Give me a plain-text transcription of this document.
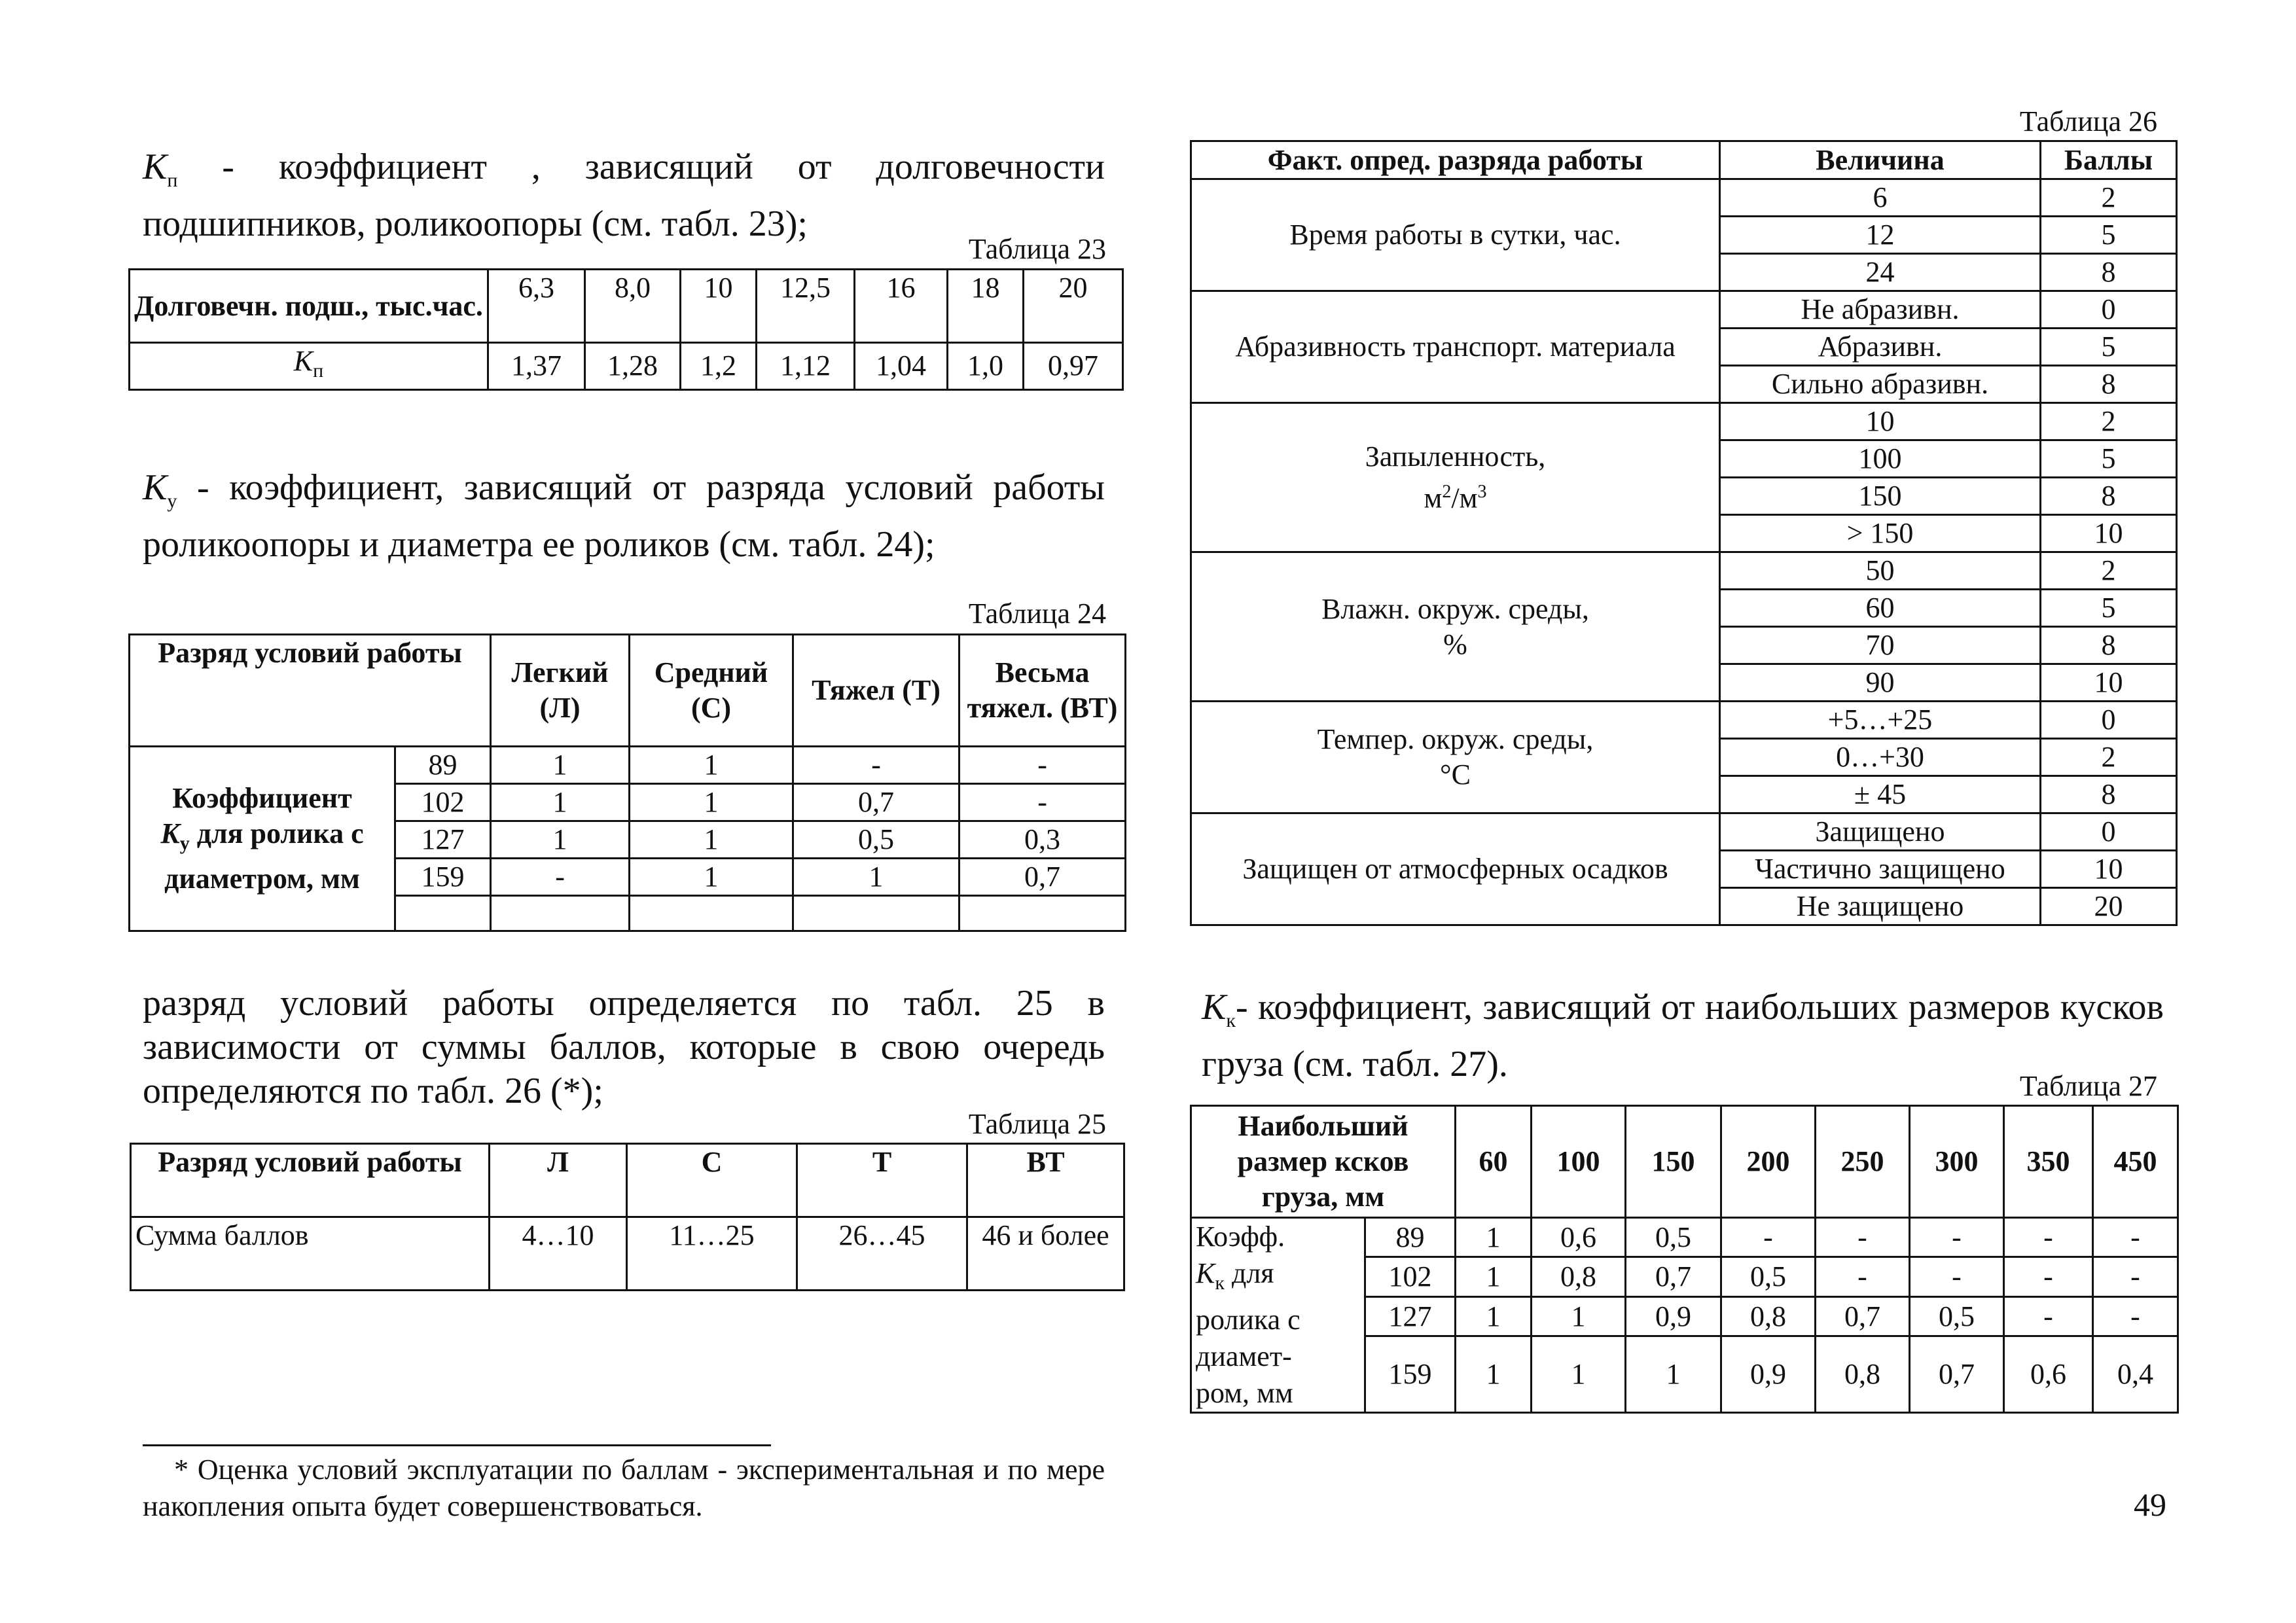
$K_п$ - коэффициент , зависящий от долговечности подшипников, роликоопоры (см. табл. 23);
Таблица 23
Долговечн. подш., тыс.час.	6,3	8,0	10	12,5	16	18	20
$K_п$	1,37	1,28	1,2	1,12	1,04	1,0	0,97
$K_у$ - коэффициент, зависящий от разряда условий работы роликоопоры и диаметра ее роликов (см. табл. 24);
Таблица 24
Разряд условий работы		Легкий (Л)	Средний (С)	Тяжел (Т)	Весьма тяжел. (ВТ)
Коэффициент
$K_у$ для ролика с
диаметром, мм	89	1	1	-	-
	102	1	1	0,7	-
	127	1	1	0,5	0,3
	159	-	1	1	0,7

разряд условий работы определяется по табл. 25 в зависимости от суммы баллов, которые в свою очередь определяются по табл. 26 (*);
Таблица 25
Разряд условий работы	Л	С	Т	ВТ
Сумма баллов	4…10	11…25	26…45	46 и более
* Оценка условий эксплуатации по баллам - экспериментальная и по мере накопления опыта будет совершенствоваться.
Таблица 26
Факт. опред. разряда работы	Величина	Баллы
Время работы в сутки, час.	6	2
	12	5
	24	8
Абразивность транспорт. материала	Не абразивн.	0
	Абразивн.	5
	Сильно абразивн.	8
Запыленность,
$м^2/м^3$	10	2
	100	5
	150	8
	> 150	10
Влажн. окруж. среды,
%	50	2
	60	5
	70	8
	90	10
Темпер. окруж. среды,
°С	+5…+25	0
	0…+30	2
	± 45	8
Защищен от атмосферных осадков	Защищено	0
	Частично защищено	10
	Не защищено	20
$K_к-$ коэффициент, зависящий от наибольших размеров кусков груза (см. табл. 27).
Таблица 27
Наибольший размер ксков груза, мм		60	100	150	200	250	300	350	450
Коэфф.
$K_к$ для
ролика с
диамет-
ром, мм	89	1	0,6	0,5	-	-	-	-	-
	102	1	0,8	0,7	0,5	-	-	-	-
	127	1	1	0,9	0,8	0,7	0,5	-	-
	159	1	1	1	0,9	0,8	0,7	0,6	0,4
49
